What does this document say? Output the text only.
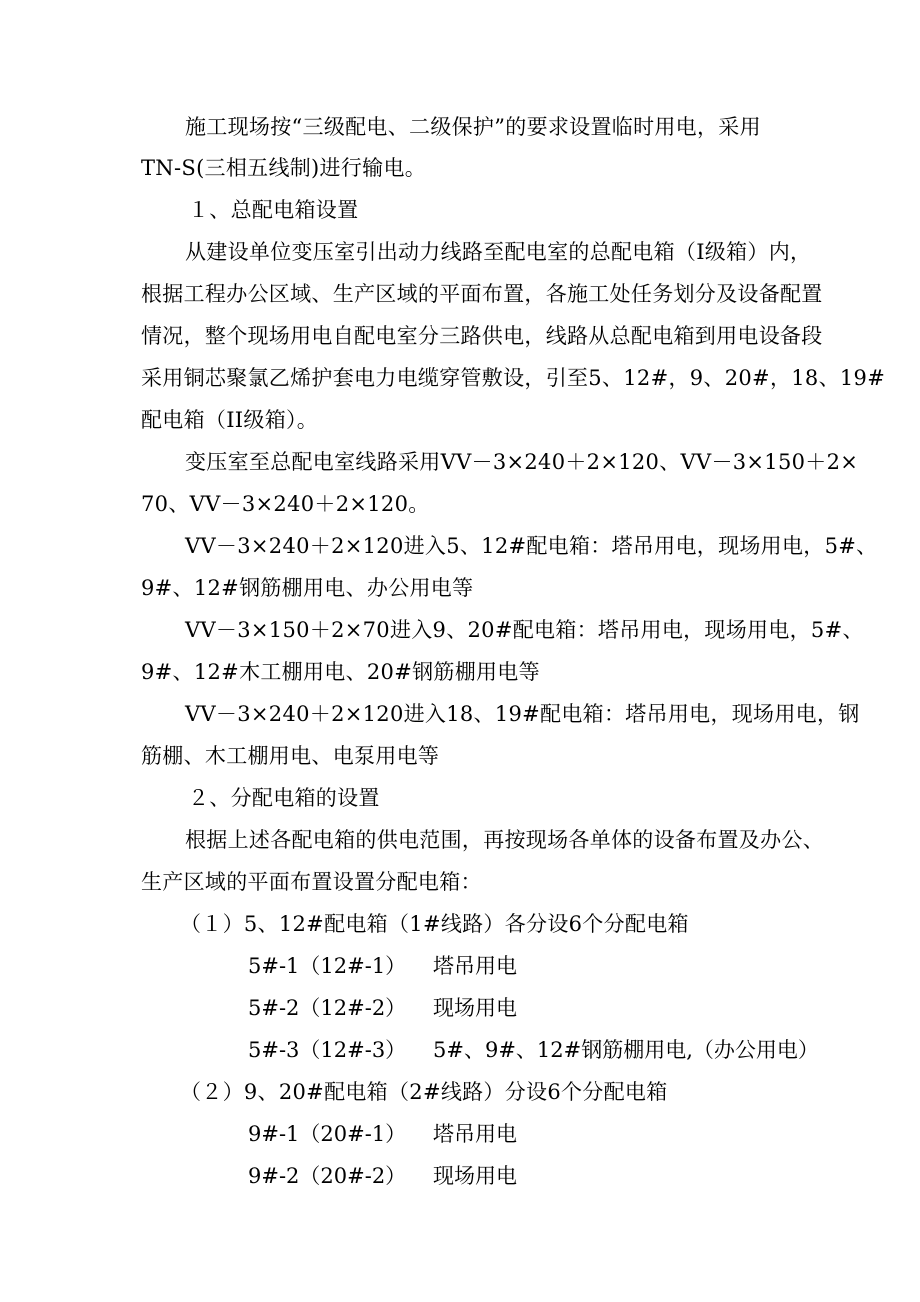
施工现场按“三级配电、二级保护”的要求设置临时用电，采用
TN-S(三相五线制)进行输电。
１、总配电箱设置
从建设单位变压室引出动力线路至配电室的总配电箱（I级箱）内，
根据工程办公区域、生产区域的平面布置，各施工处任务划分及设备配置
情况，整个现场用电自配电室分三路供电，线路从总配电箱到用电设备段
采用铜芯聚氯乙烯护套电力电缆穿管敷设，引至5、12#，9、20#，18、19#
配电箱（II级箱）。
变压室至总配电室线路采用VV－3×240＋2×120、VV－3×150＋2×
70、VV－3×240＋2×120。
VV－3×240＋2×120进入5、12#配电箱：塔吊用电，现场用电，5#、
9#、12#钢筋棚用电、办公用电等
VV－3×150＋2×70进入9、20#配电箱：塔吊用电，现场用电，5#、
9#、12#木工棚用电、20#钢筋棚用电等
VV－3×240＋2×120进入18、19#配电箱：塔吊用电，现场用电，钢
筋棚、木工棚用电、电泵用电等
２、分配电箱的设置
根据上述各配电箱的供电范围，再按现场各单体的设备布置及办公、
生产区域的平面布置设置分配电箱：
（１）5、12#配电箱（1#线路）各分设6个分配电箱
5#-1（12#-1） 塔吊用电
5#-2（12#-2） 现场用电
5#-3（12#-3） 5#、9#、12#钢筋棚用电,（办公用电）
（２）9、20#配电箱（2#线路）分设6个分配电箱
9#-1（20#-1） 塔吊用电
9#-2（20#-2） 现场用电
